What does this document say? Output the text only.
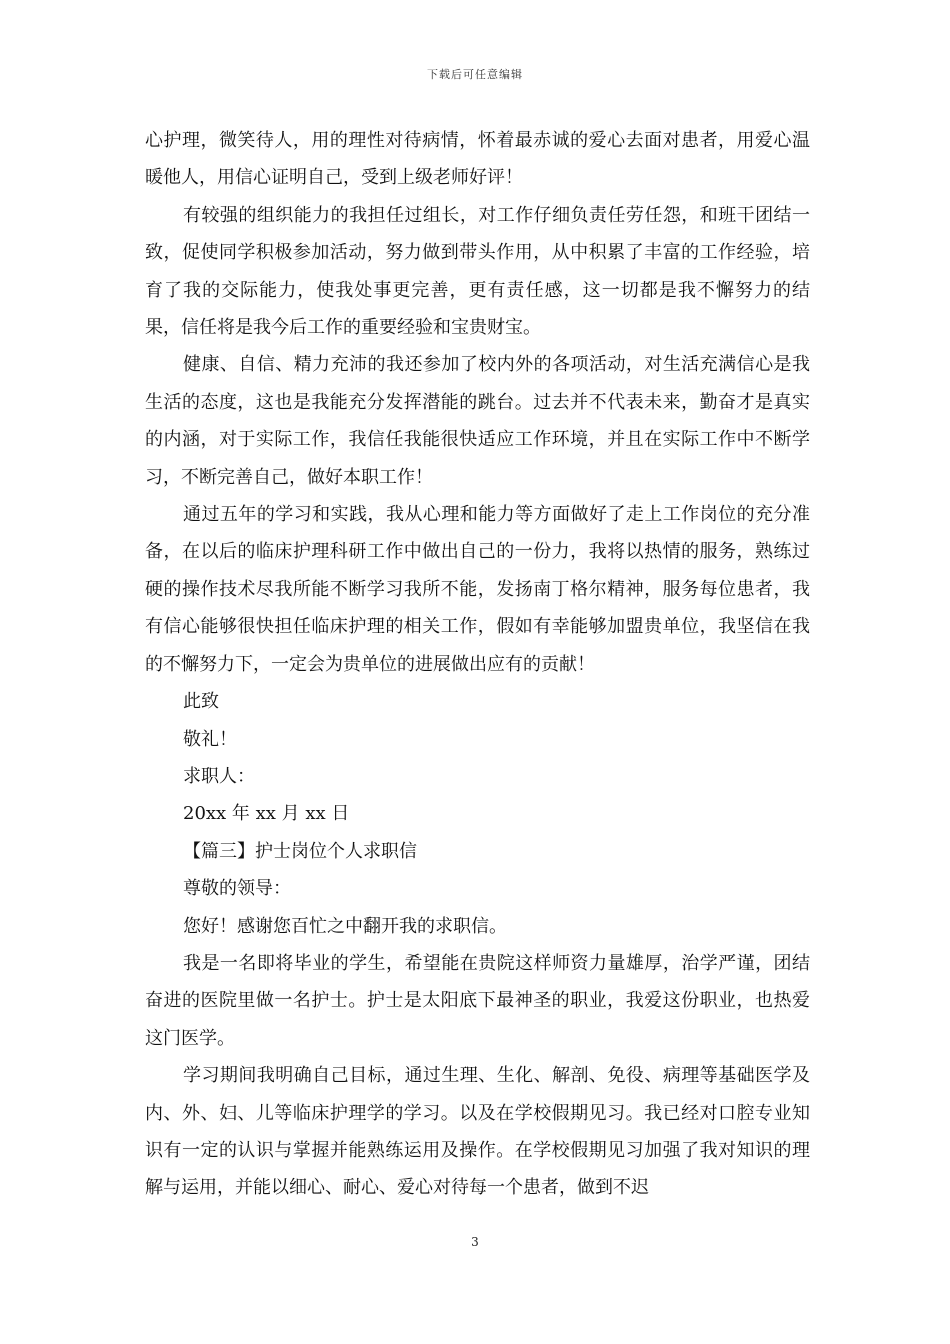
下载后可任意编辑

心护理，微笑待人，用的理性对待病情，怀着最赤诚的爱心去面对患者，用爱心温暖他人，用信心证明自己，受到上级老师好评！

有较强的组织能力的我担任过组长，对工作仔细负责任劳任怨，和班干团结一致，促使同学积极参加活动，努力做到带头作用，从中积累了丰富的工作经验，培育了我的交际能力，使我处事更完善，更有责任感，这一切都是我不懈努力的结果，信任将是我今后工作的重要经验和宝贵财宝。

健康、自信、精力充沛的我还参加了校内外的各项活动，对生活充满信心是我生活的态度，这也是我能充分发挥潜能的跳台。过去并不代表未来，勤奋才是真实的内涵，对于实际工作，我信任我能很快适应工作环境，并且在实际工作中不断学习，不断完善自己，做好本职工作！

通过五年的学习和实践，我从心理和能力等方面做好了走上工作岗位的充分准备，在以后的临床护理科研工作中做出自己的一份力，我将以热情的服务，熟练过硬的操作技术尽我所能不断学习我所不能，发扬南丁格尔精神，服务每位患者，我有信心能够很快担任临床护理的相关工作，假如有幸能够加盟贵单位，我坚信在我的不懈努力下，一定会为贵单位的进展做出应有的贡献！

此致

敬礼！

求职人：

20xx 年 xx 月 xx 日

【篇三】护士岗位个人求职信

尊敬的领导：

您好！感谢您百忙之中翻开我的求职信。

我是一名即将毕业的学生，希望能在贵院这样师资力量雄厚，治学严谨，团结奋进的医院里做一名护士。护士是太阳底下最神圣的职业，我爱这份职业，也热爱这门医学。

学习期间我明确自己目标，通过生理、生化、解剖、免役、病理等基础医学及内、外、妇、儿等临床护理学的学习。以及在学校假期见习。我已经对口腔专业知识有一定的认识与掌握并能熟练运用及操作。在学校假期见习加强了我对知识的理解与运用，并能以细心、耐心、爱心对待每一个患者，做到不迟

3
